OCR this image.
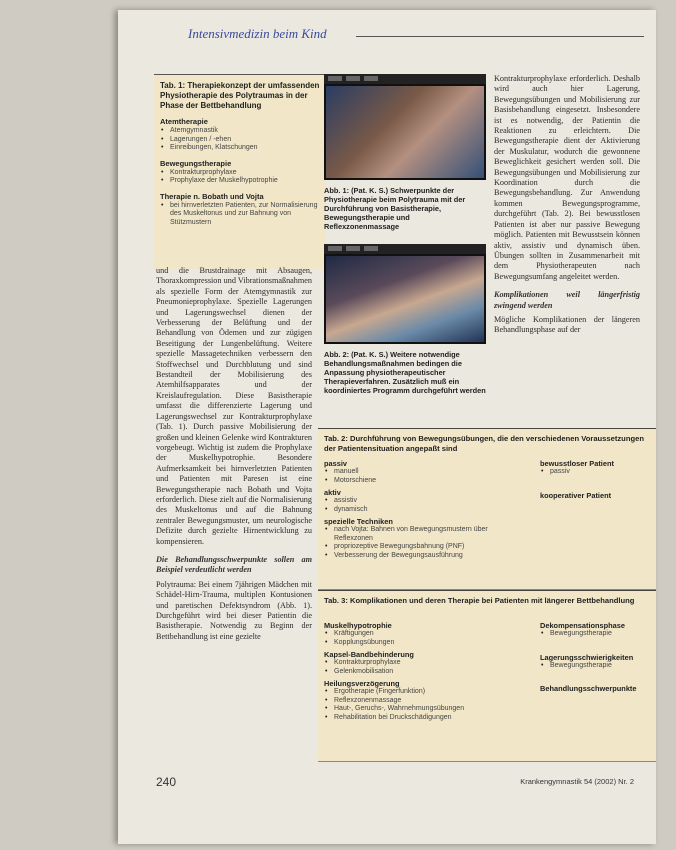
Intensivmedizin beim Kind
Tab. 1: Therapiekonzept der umfassenden Physiotherapie des Polytraumas in der Phase der Bettbehandlung
Atemtherapie
• Atemgymnastik
• Lagerungen / -ehen
• Einreibungen, Klatschungen
Bewegungstherapie
• Kontrakturprophylaxe
• Prophylaxe der Muskelhypotrophie
Therapie n. Bobath und Vojta
• bei hirnverletzten Patienten, zur Normalisierung des Muskeltonus und zur Bahnung von Stützmustern

und die Brustdrainage mit Absaugen, Thoraxkompression und Vibrationsmaßnahmen als spezielle Form der Atemgymnastik zur Pneumonieprophylaxe. Spezielle Lagerungen und Lagerungswechsel dienen der Verbesserung der Belüftung und der Behandlung von Ödemen und zur zügigen Beseitigung der Lungenbelüftung. Weitere spezielle Massagetechniken verbessern den Stoffwechsel und Durchblutung und sind Bestandteil der Mobilisierung des Atemhilfsapparates und der Kreislaufregulation. Diese Basistherapie umfasst die differenzierte Lagerung und Lagerungswechsel zur Kontrakturprophylaxe (Tab. 1). Durch passive Mobilisierung der großen und kleinen Gelenke wird Kontrakturen vorgebeugt. Wichtig ist zudem die Prophylaxe der Muskelhypotrophie. Besondere Aufmerksamkeit bei hirnverletzten Patienten und Patienten mit Paresen ist eine Bewegungstherapie nach Bobath und Vojta erforderlich. Diese zielt auf die Normalisierung des Muskeltonus und auf die Bahnung zentraler Bewegungsmuster, um neurologische Defizite durch gezielte Hirnentwicklung zu kompensieren.

Die Behandlungsschwerpunkte sollen am Beispiel verdeutlicht werden

Polytrauma: Bei einem 7jährigen Mädchen mit Schädel-Hirn-Trauma, multiplen Kontusionen und paretischen Defektsyndrom (Abb. 1). Durchgeführt wird bei dieser Patientin die Basistherapie. Notwendig zu Beginn der Bettbehandlung ist eine gezielte

Abb. 1: (Pat. K. S.) Schwerpunkte der Physiotherapie beim Polytrauma mit der Durchführung von Basistherapie, Bewegungstherapie und Reflexzonenmassage
Abb. 2: (Pat. K. S.) Weitere notwendige Behandlungsmaßnahmen bedingen die Anpassung physiotherapeutischer Therapieverfahren. Zusätzlich muß ein koordiniertes Programm durchgeführt werden

Kontrakturprophylaxe erforderlich. Deshalb wird auch hier Lagerung, Bewegungsübungen und Mobilisierung zur Basisbehandlung eingesetzt. Insbesondere ist es notwendig, der Patientin die Reaktionen zu erleichtern. Die Bewegungstherapie dient der Aktivierung der Muskulatur, wodurch die gewonnene Beweglichkeit gesichert werden soll. Die Bewegungsübungen und Mobilisierung zur Koordination durch die Bewegungsbehandlung. Zur Anwendung kommen Bewegungsprogramme, durchgeführt (Tab. 2). Bei bewusstlosen Patienten ist aber nur passive Bewegung möglich. Patienten mit Bewusstsein können aktiv, assistiv und dynamisch üben. Übungen sollten in Zusammenarbeit mit dem Physiotherapeuten nach Bewegungsumfang angeleitet werden.

Komplikationen weil längerfristig zwingend werden

Mögliche Komplikationen der längeren Behandlungsphase auf der

Tab. 2: Durchführung von Bewegungsübungen, die den verschiedenen Voraussetzungen der Patientensituation angepaßt sind
passiv
• manuell
• Motorschiene
aktiv
• assistiv
• dynamisch
spezielle Techniken
• nach Vojta: Bahnen von Bewegungsmustern über Reflexzonen
• propriozeptive Bewegungsbahnung (PNF)
• Verbesserung der Bewegungsausführung
bewusstloser Patient
• passiv
kooperativer Patient
Tab. 3: Komplikationen und deren Therapie bei Patienten mit längerer Bettbehandlung
Muskelhypotrophie
• Kräftigungen
• Kopplungsübungen
Kapsel-Bandbehinderung
• Kontrakturprophylaxe
• Gelenkmobilisation
Heilungsverzögerung
• Ergotherapie (Fingerfunktion)
• Reflexzonenmassage
• Haut-, Geruchs-, Wahrnehmungsübungen
• Rehabilitation bei Druckschädigungen
Dekompensationsphase
• Bewegungstherapie
Lagerungsschwierigkeiten
• Bewegungstherapie
Behandlungsschwerpunkte
240	Krankengymnastik 54 (2002) Nr. 2
